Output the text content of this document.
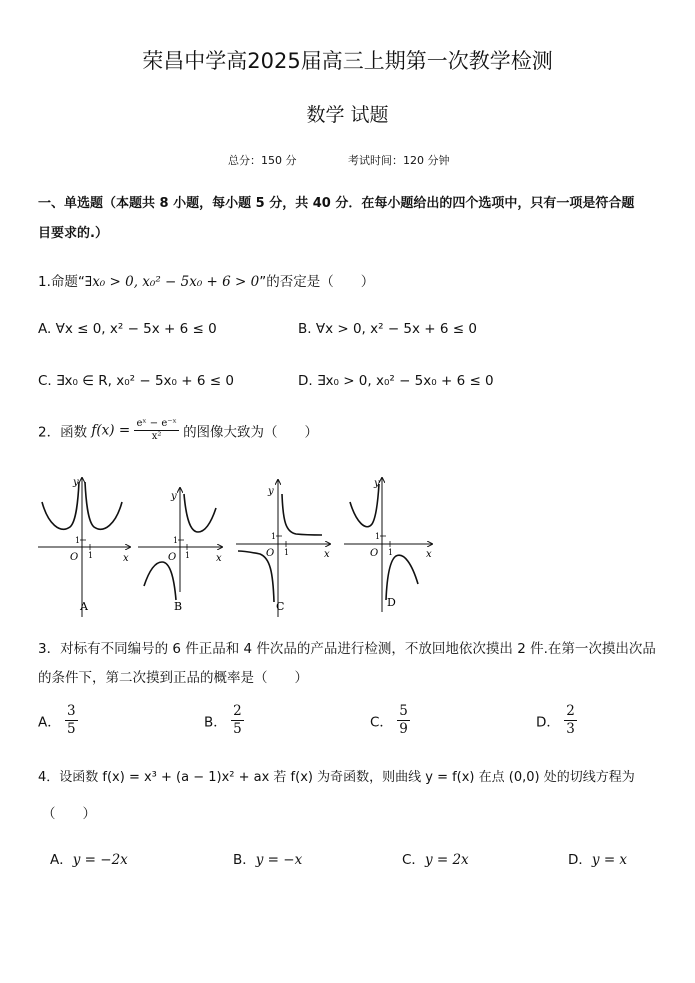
荣昌中学高2025届高三上期第一次教学检测
数学 试题
总分：150 分	考试时间：120 分钟
一、单选题（本题共 8 小题，每小题 5 分，共 40 分．在每小题给出的四个选项中，只有一项是符合题
目要求的.）
1.命题“∃x₀ > 0, x₀² − 5x₀ + 6 > 0”的否定是（　　）
A. ∀x ≤ 0, x² − 5x + 6 ≤ 0	B. ∀x > 0, x² − 5x + 6 ≤ 0
C. ∃x₀ ∈ R, x₀² − 5x₀ + 6 ≤ 0	D. ∃x₀ > 0, x₀² − 5x₀ + 6 ≤ 0
2．函数 $f(x) = \frac{\text{eˣ − e⁻ˣ}}{\text{x²}}$ 的图像大致为（　　）
y
x
O
1
1
A
y
x
O
1
1
B
y
x
O
1
1
C
y
x
O
1
1
D
3．对标有不同编号的 6 件正品和 4 件次品的产品进行检测，不放回地依次摸出 2 件.在第一次摸出次品
的条件下，第二次摸到正品的概率是（　　）
A． $\frac{3}{5}$	B． $\frac{2}{5}$	C． $\frac{5}{9}$	D． $\frac{2}{3}$
4．设函数 f(x) = x³ + (a − 1)x² + ax 若 f(x) 为奇函数，则曲线 y = f(x) 在点 (0,0) 处的切线方程为
（　　）
A．y = −2x	B．y = −x	C．y = 2x	D．y = x
